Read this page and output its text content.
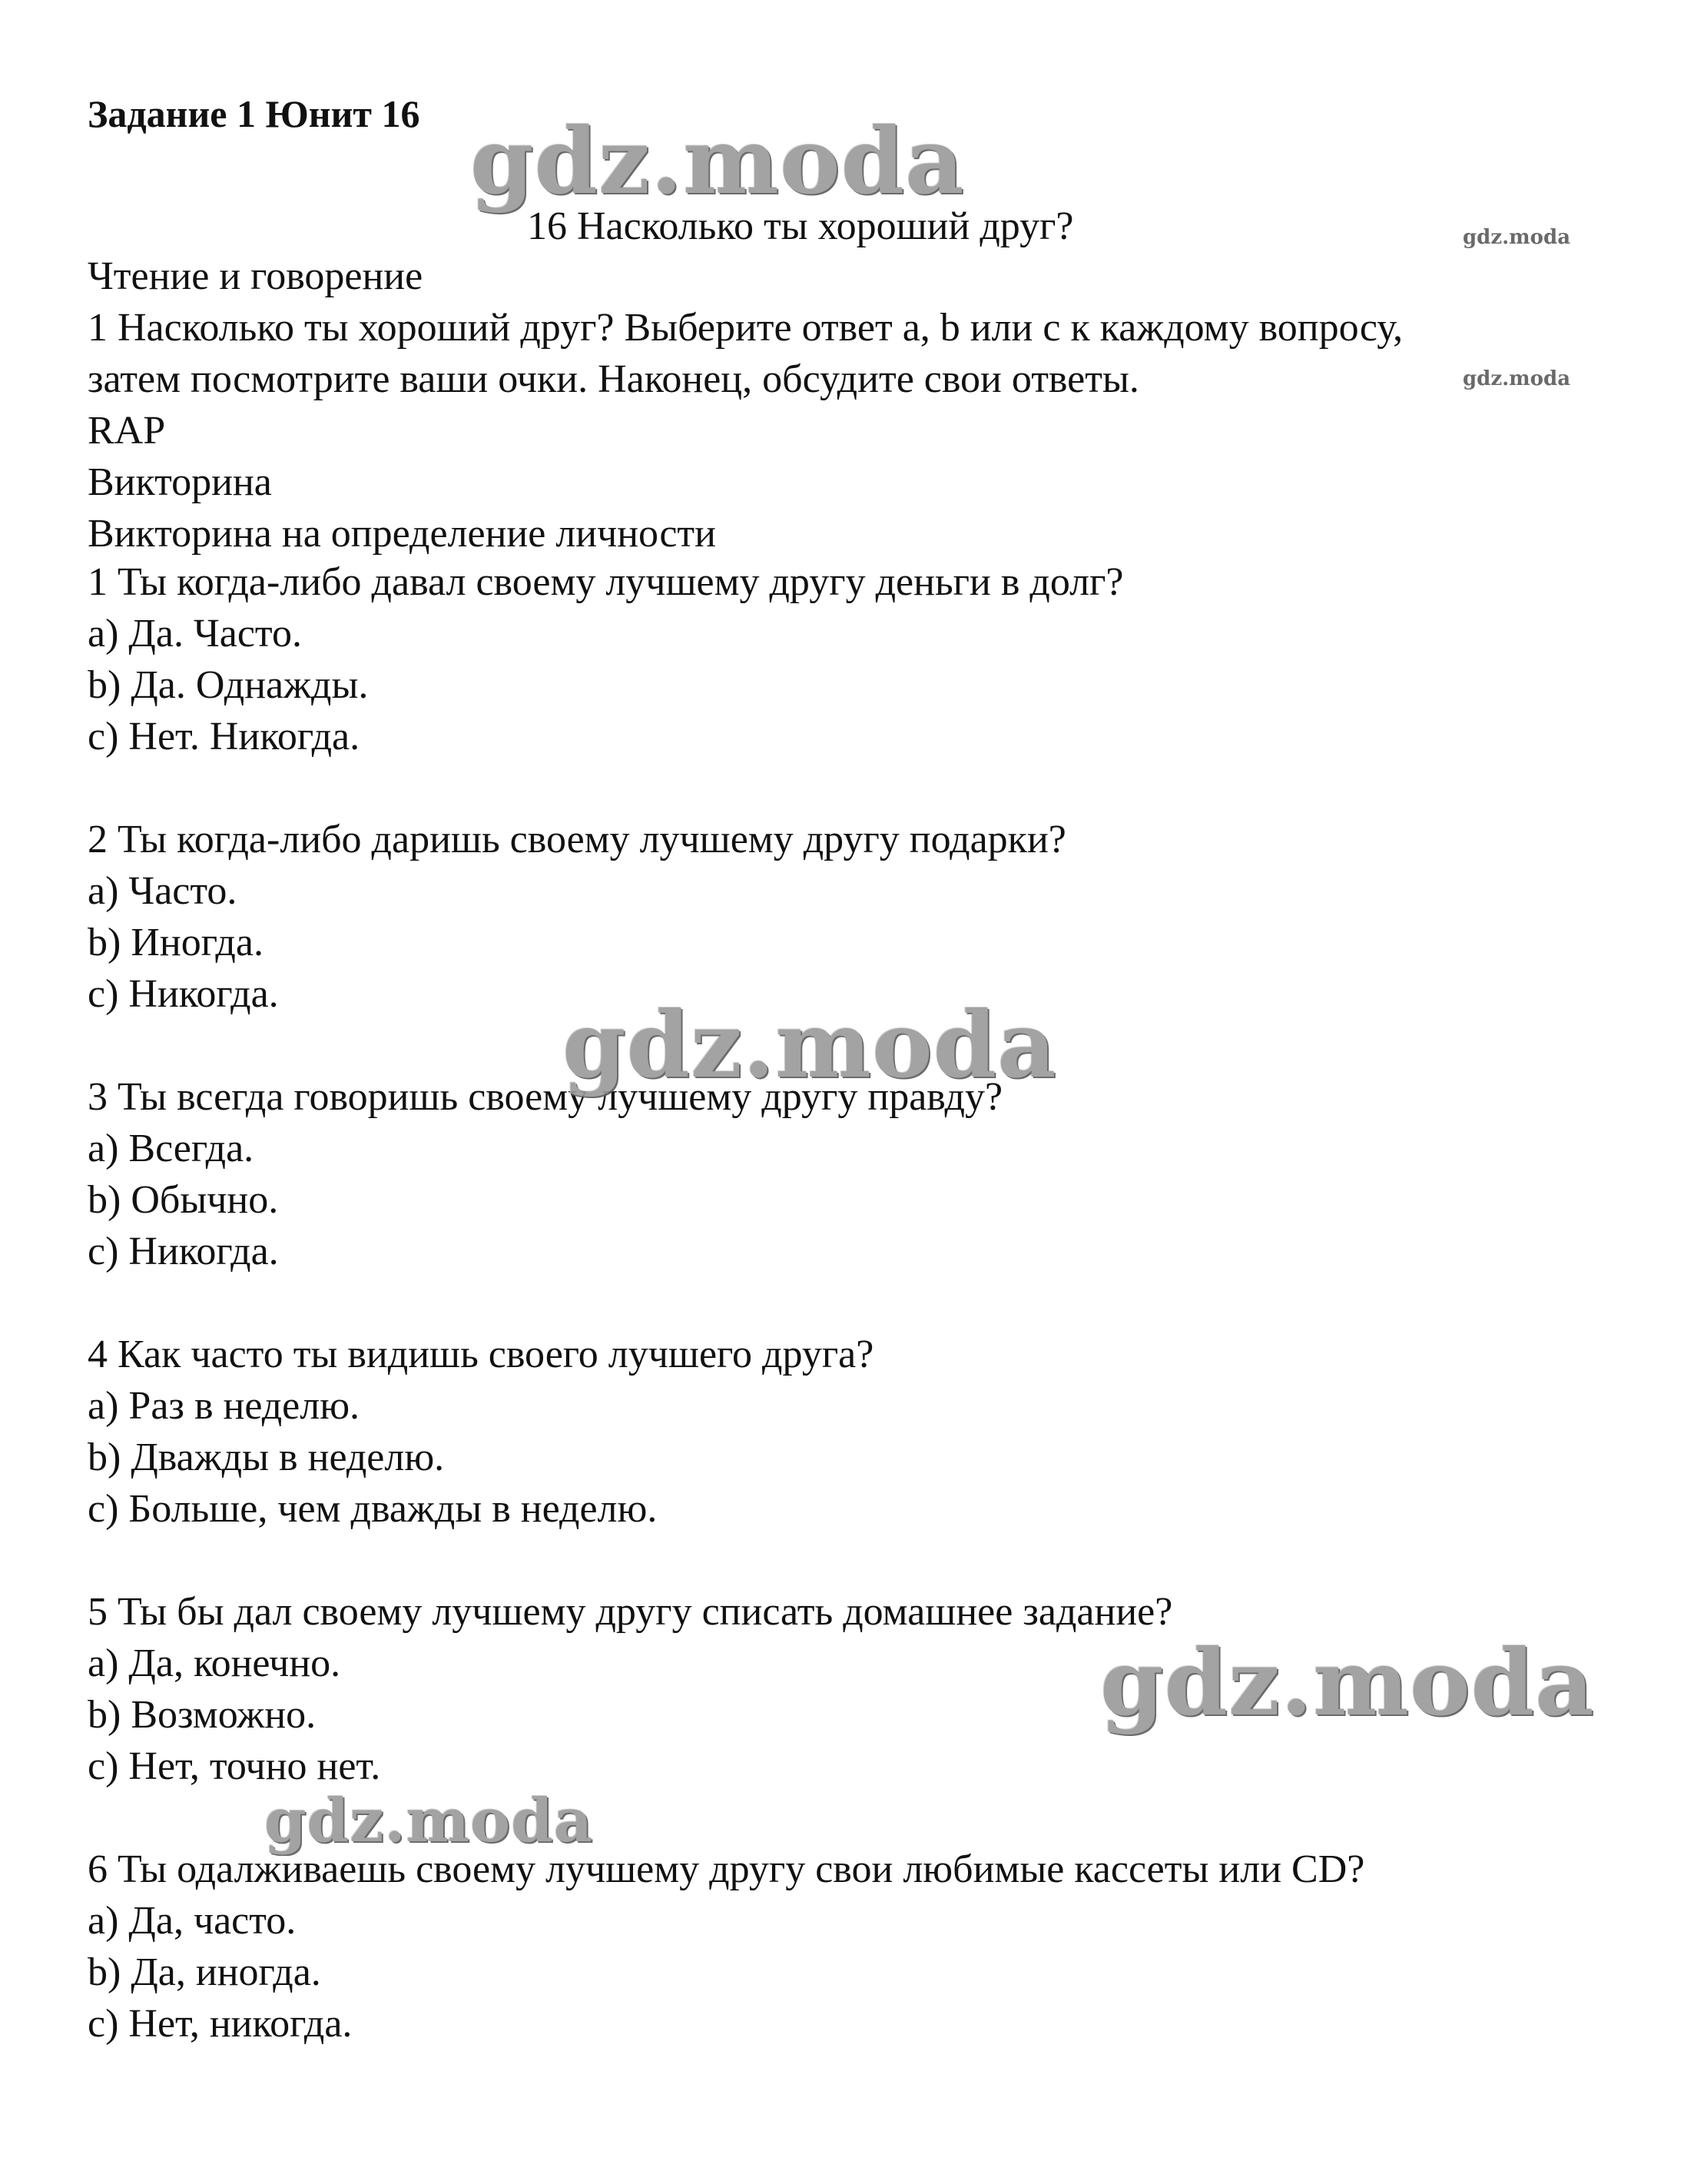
Задание 1 Юнит 16
16 Насколько ты хороший друг?
Чтение и говорение
1 Насколько ты хороший друг? Выберите ответ a, b или c к каждому вопросу,
затем посмотрите ваши очки. Наконец, обсудите свои ответы.
RAP
Викторина
Викторина на определение личности
1 Ты когда-либо давал своему лучшему другу деньги в долг?
a) Да. Часто.
b) Да. Однажды.
c) Нет. Никогда.
2 Ты когда-либо даришь своему лучшему другу подарки?
a) Часто.
b) Иногда.
c) Никогда.
3 Ты всегда говоришь своему лучшему другу правду?
a) Всегда.
b) Обычно.
c) Никогда.
4 Как часто ты видишь своего лучшего друга?
a) Раз в неделю.
b) Дважды в неделю.
c) Больше, чем дважды в неделю.
5 Ты бы дал своему лучшему другу списать домашнее задание?
a) Да, конечно.
b) Возможно.
c) Нет, точно нет.
6 Ты одалживаешь своему лучшему другу свои любимые кассеты или CD?
a) Да, часто.
b) Да, иногда.
c) Нет, никогда.
gdz.moda
gdz.moda
gdz.moda
gdz.moda
gdz.moda
gdz.moda
